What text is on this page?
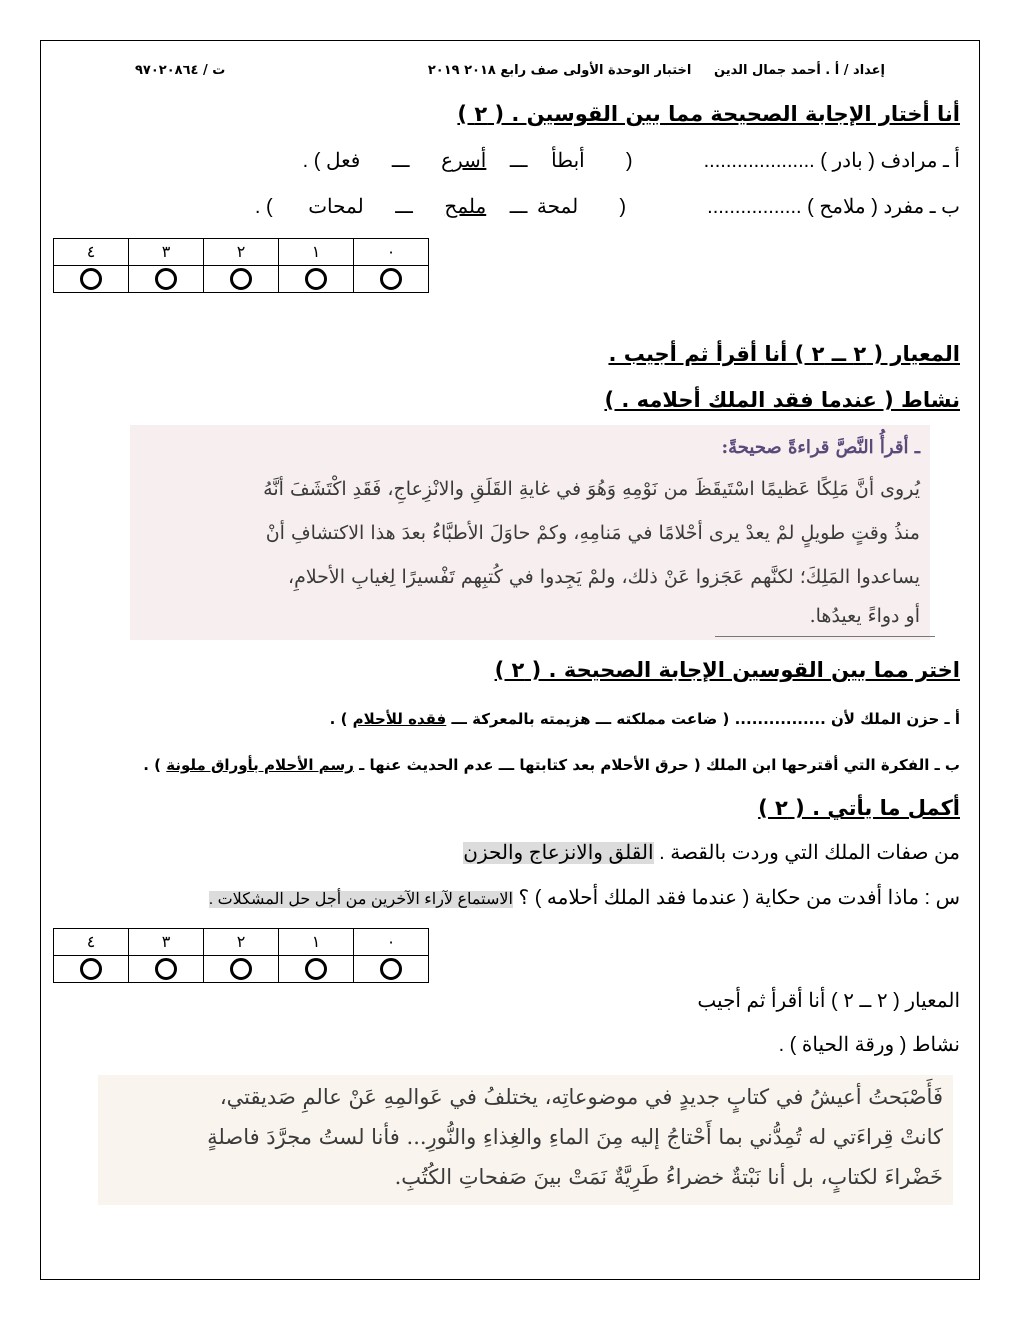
إعداد / أ . أحمد جمال الدين     اختبار الوحدة الأولى صف رابع ٢٠١٨ ٢٠١٩
ت / ٩٧٠٢٠٨٦٤
أنا أختار الإجابة الصحيحة مما بين القوسين . ( ٢ )
أ ـ مرادف ( بادر ) ....................  (  أبطأ ـــ أسرع ـــ فعل ) .
ب ـ مفرد ( ملامح ) .................  (  لمحة ـــ ملمح ـــ لمحات ) .
٠	١	٢	٣	٤

المعيار ( ٢ ــ ٢ ) أنا أقرأ ثم أجيب .
نشاط ( عندما فقد الملك أحلامه . )
ـ أقرأُ النَّصَّ قراءةً صحيحةً:
يُروى أنَّ مَلِكًا عَظيمًا اسْتَيقَظَ من نَوْمِهِ وَهُوَ في غايةِ القَلَقِ والانْزِعاجِ، فَقَدِ اكْتَشَفَ أنَّهُ
منذُ وقتٍ طويلٍ لمْ يعدْ يرى أحْلامًا في مَنامِهِ، وكمْ حاوَلَ الأطبَّاءُ بعدَ هذا الاكتشافِ أنْ
يساعدوا المَلِكَ؛ لكنَّهم عَجَزوا عَنْ ذلك، ولمْ يَجِدوا في كُتبِهم تَفْسيرًا لِغيابِ الأحلامِ،
أو دواءً يعيدُها.
اختر مما بين القوسين الإجابة الصحيحة . ( ٢ )
أ ـ حزن الملك لأن ................ ( ضاعت مملكته ـــ هزيمته بالمعركة ـــ فقده للأحلام ) .
ب ـ الفكرة التي أقترحها ابن الملك ( حرق الأحلام بعد كتابتها ـــ عدم الحديث عنها ـ رسم الأحلام بأوراق ملونة ) .
أكمل ما يأتي . ( ٢ )
من صفات الملك التي وردت بالقصة . القلق والانزعاج والحزن
س : ماذا أفدت من حكاية ( عندما فقد الملك أحلامه ) ؟ الاستماع لآراء الآخرين من أجل حل المشكلات .
٠	١	٢	٣	٤

المعيار ( ٢ ــ ٢ ) أنا أقرأ ثم أجيب
نشاط ( ورقة الحياة ) .
فَأَصْبَحتُ أعيشُ في كتابٍ جديدٍ في موضوعاتِه، يختلفُ في عَوالمِهِ عَنْ عالمِ صَديقتي،
كانتْ قِراءَتي له تُمِدُّني بما أَحْتاجُ إليه مِنَ الماءِ والغِذاءِ والنُّورِ... فأنا لستُ مجرَّدَ فاصلةٍ
خَضْراءَ لكتابٍ، بل أنا نَبْتةٌ خضراءُ طَرِيَّةٌ نَمَتْ بينَ صَفحاتِ الكُتُبِ.
